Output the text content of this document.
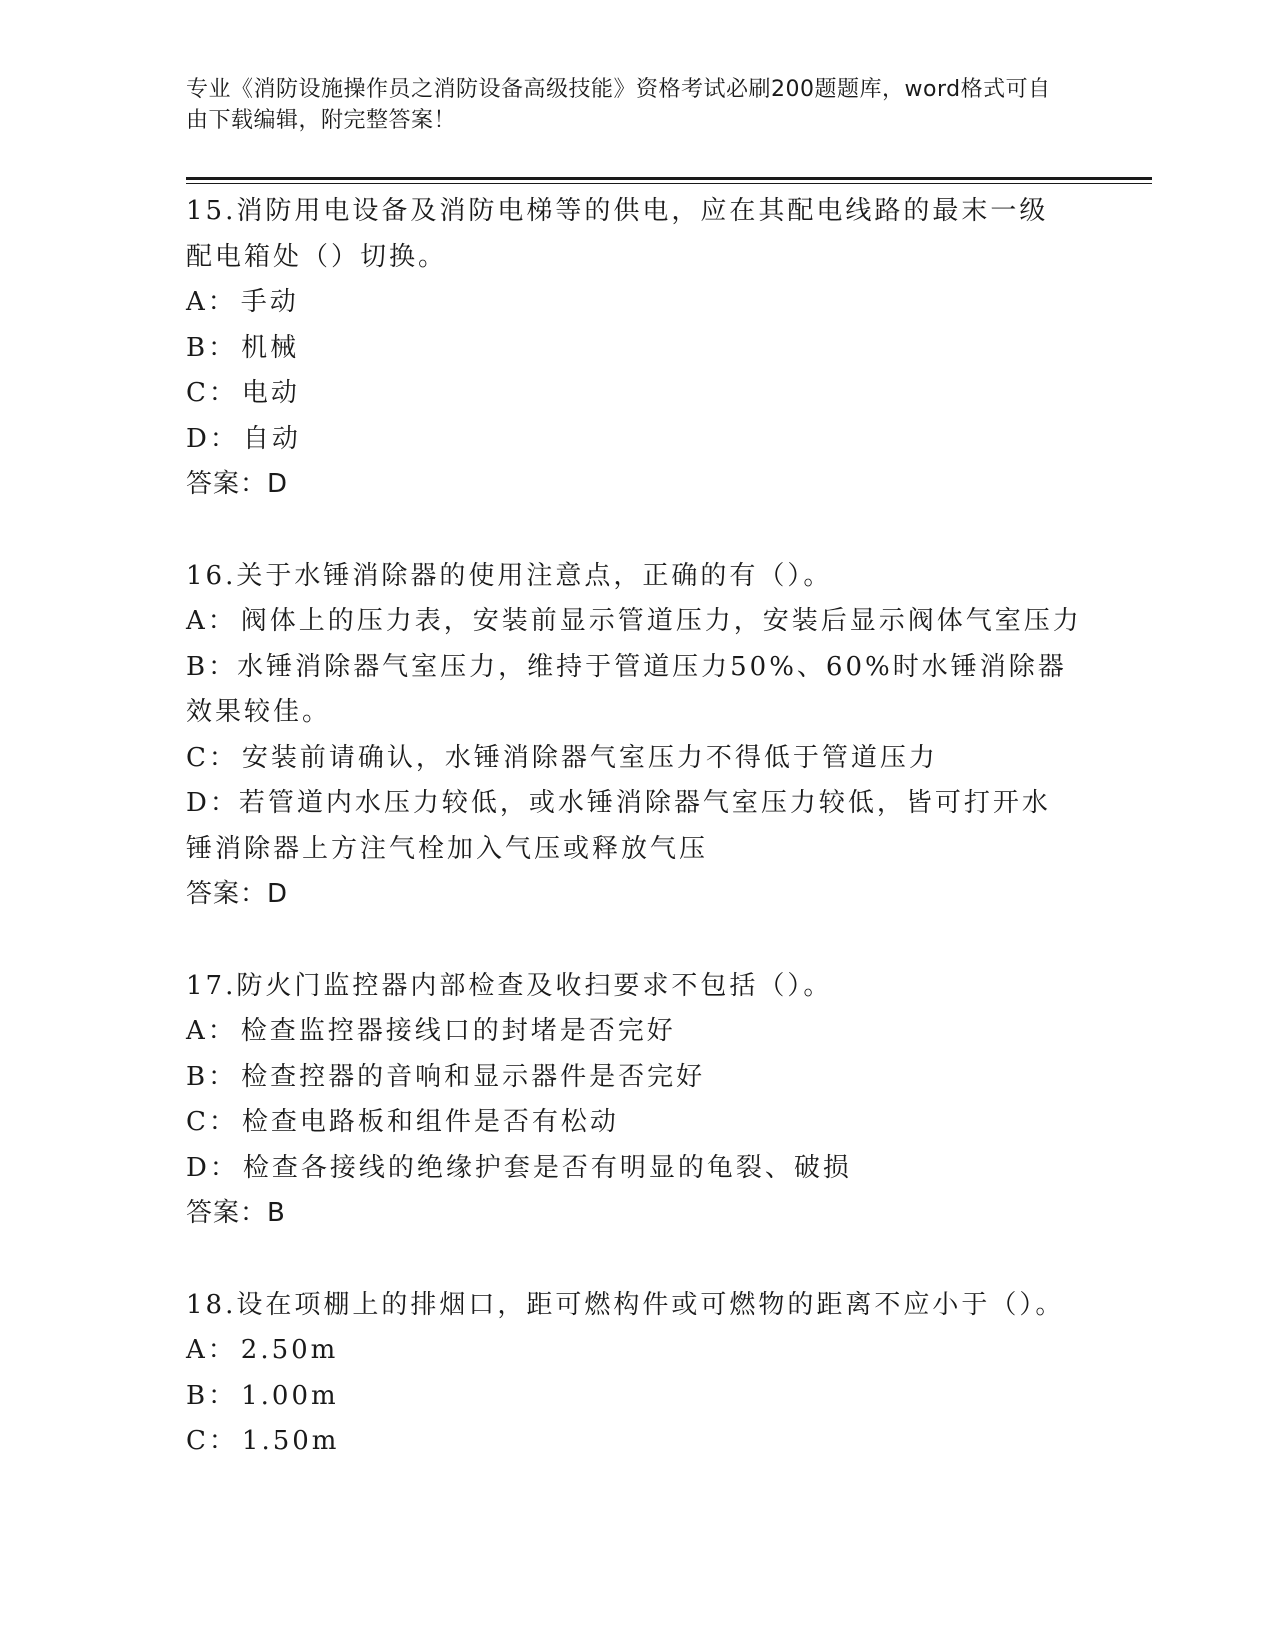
专业《消防设施操作员之消防设备高级技能》资格考试必刷200题题库，word格式可自由下载编辑，附完整答案！
15.消防用电设备及消防电梯等的供电，应在其配电线路的最末一级配电箱处（）切换。
A： 手动
B： 机械
C： 电动
D： 自动
答案：D
16.关于水锤消除器的使用注意点，正确的有（）。
A： 阀体上的压力表，安装前显示管道压力，安装后显示阀体气室压力
B：水锤消除器气室压力，维持于管道压力50%、60%时水锤消除器效果较佳。
C： 安装前请确认，水锤消除器气室压力不得低于管道压力
D：若管道内水压力较低，或水锤消除器气室压力较低，皆可打开水锤消除器上方注气栓加入气压或释放气压
答案：D
17.防火门监控器内部检查及收扫要求不包括（）。
A： 检查监控器接线口的封堵是否完好
B： 检查控器的音响和显示器件是否完好
C： 检查电路板和组件是否有松动
D： 检查各接线的绝缘护套是否有明显的龟裂、破损
答案：B
18.设在项棚上的排烟口，距可燃构件或可燃物的距离不应小于（）。
A： 2.50m
B： 1.00m
C： 1.50m
